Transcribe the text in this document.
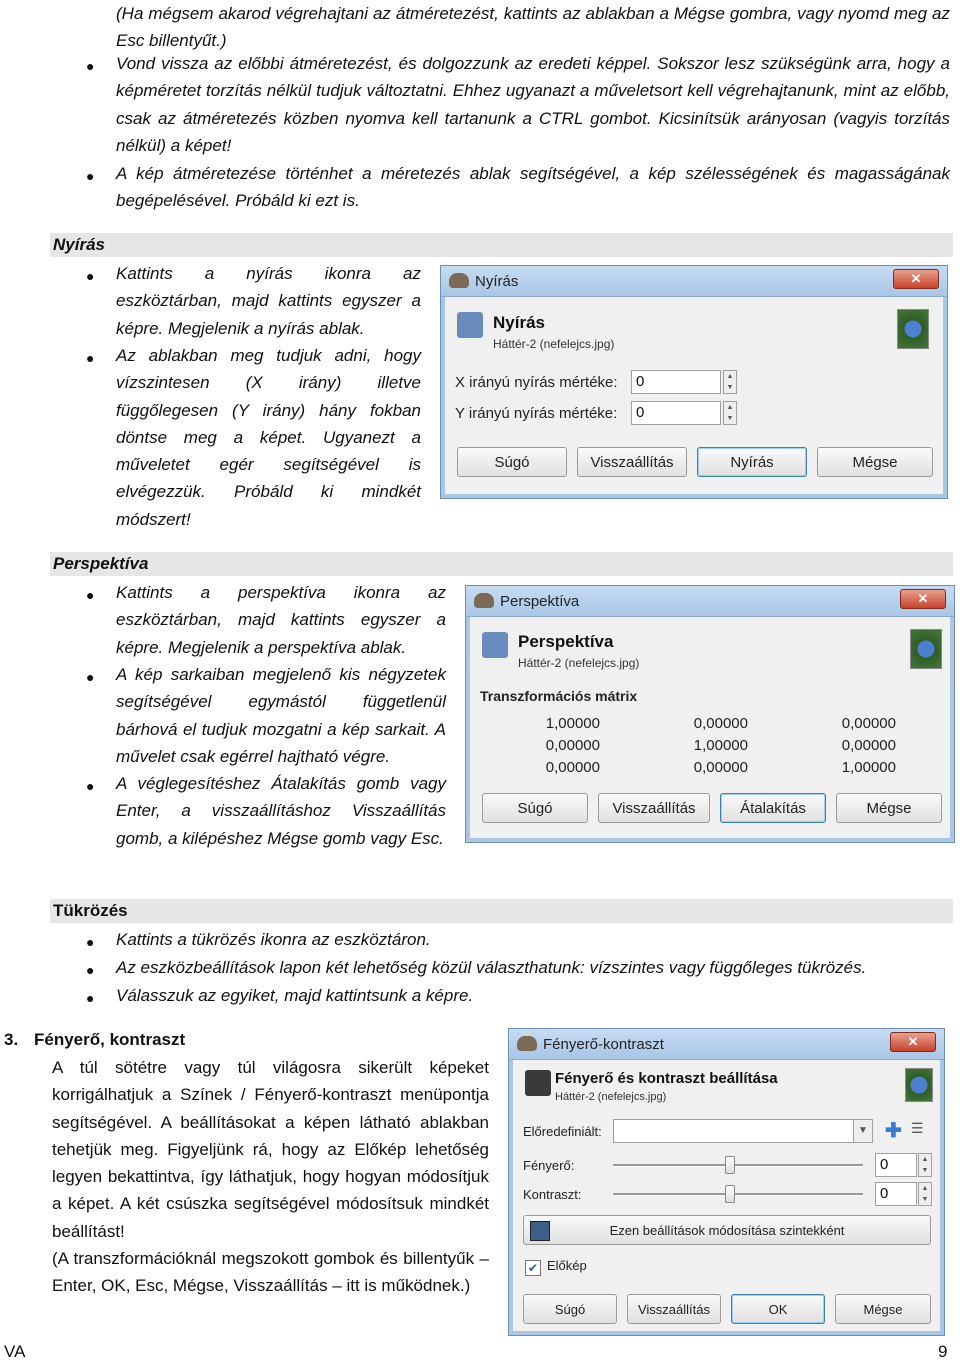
(Ha mégsem akarod végrehajtani az átméretezést, kattints az ablakban a Mégse gombra, vagy nyomd meg az Esc billentyűt.)
● Vond vissza az előbbi átméretezést, és dolgozzunk az eredeti képpel. Sokszor lesz szükségünk arra, hogy a képméretet torzítás nélkül tudjuk változtatni. Ehhez ugyanazt a műveletsort kell végrehajtanunk, mint az előbb, csak az átméretezés közben nyomva kell tartanunk a CTRL gombot. Kicsinítsük arányosan (vagyis torzítás nélkül) a képet!
● A kép átméretezése történhet a méretezés ablak segítségével, a kép szélességének és magasságának begépelésével. Próbáld ki ezt is.
Nyírás
● Kattints a nyírás ikonra az eszköztárban, majd kattints egyszer a képre. Megjelenik a nyírás ablak.
● Az ablakban meg tudjuk adni, hogy vízszintesen (X irány) illetve függőlegesen (Y irány) hány fokban döntse meg a képet. Ugyanezt a műveletet egér segítségével is elvégezzük. Próbáld ki mindkét módszert!
Nyírás	✕
Nyírás
Háttér-2 (nefelejcs.jpg)
X irányú nyírás mértéke:	0	▲
▼
Y irányú nyírás mértéke:	0	▲
▼
Súgó	Visszaállítás	Nyírás	Mégse
Perspektíva
● Kattints a perspektíva ikonra az eszköztárban, majd kattints egyszer a képre. Megjelenik a perspektíva ablak.
● A kép sarkaiban megjelenő kis négyzetek segítségével egymástól függetlenül bárhová el tudjuk mozgatni a kép sarkait. A művelet csak egérrel hajtható végre.
● A véglegesítéshez Átalakítás gomb vagy Enter, a visszaállításhoz Visszaállítás gomb, a kilépéshez Mégse gomb vagy Esc.
Perspektíva	✕
Perspektíva
Háttér-2 (nefelejcs.jpg)
Transzformációs mátrix
1,00000	0,00000	0,00000
0,00000	1,00000	0,00000
0,00000	0,00000	1,00000
Súgó	Visszaállítás	Átalakítás	Mégse
Tükrözés
● Kattints a tükrözés ikonra az eszköztáron.
● Az eszközbeállítások lapon két lehetőség közül választhatunk: vízszintes vagy függőleges tükrözés.
● Válasszuk az egyiket, majd kattintsunk a képre.
3. Fényerő, kontraszt
A túl sötétre vagy túl világosra sikerült képeket korrigálhatjuk a Színek / Fényerő-kontraszt menüpontja segítségével. A beállításokat a képen látható ablakban tehetjük meg. Figyeljünk rá, hogy az Előkép lehetőség legyen bekattintva, így láthatjuk, hogy hogyan módosítjuk a képet. A két csúszka segítségével módosítsuk mindkét beállítást!
(A transzformációknál megszokott gombok és billentyűk – Enter, OK, Esc, Mégse, Visszaállítás – itt is működnek.)
Fényerő-kontraszt	✕
Fényerő és kontraszt beállítása
Háttér-2 (nefelejcs.jpg)
Előredefiniált:	▼ ✚ ☰
Fényerő:	0	▲
▼
Kontraszt:	0	▲
▼
Ezen beállítások módosítása szintekként
✔ Előkép
Súgó	Visszaállítás	OK	Mégse
VA	9
